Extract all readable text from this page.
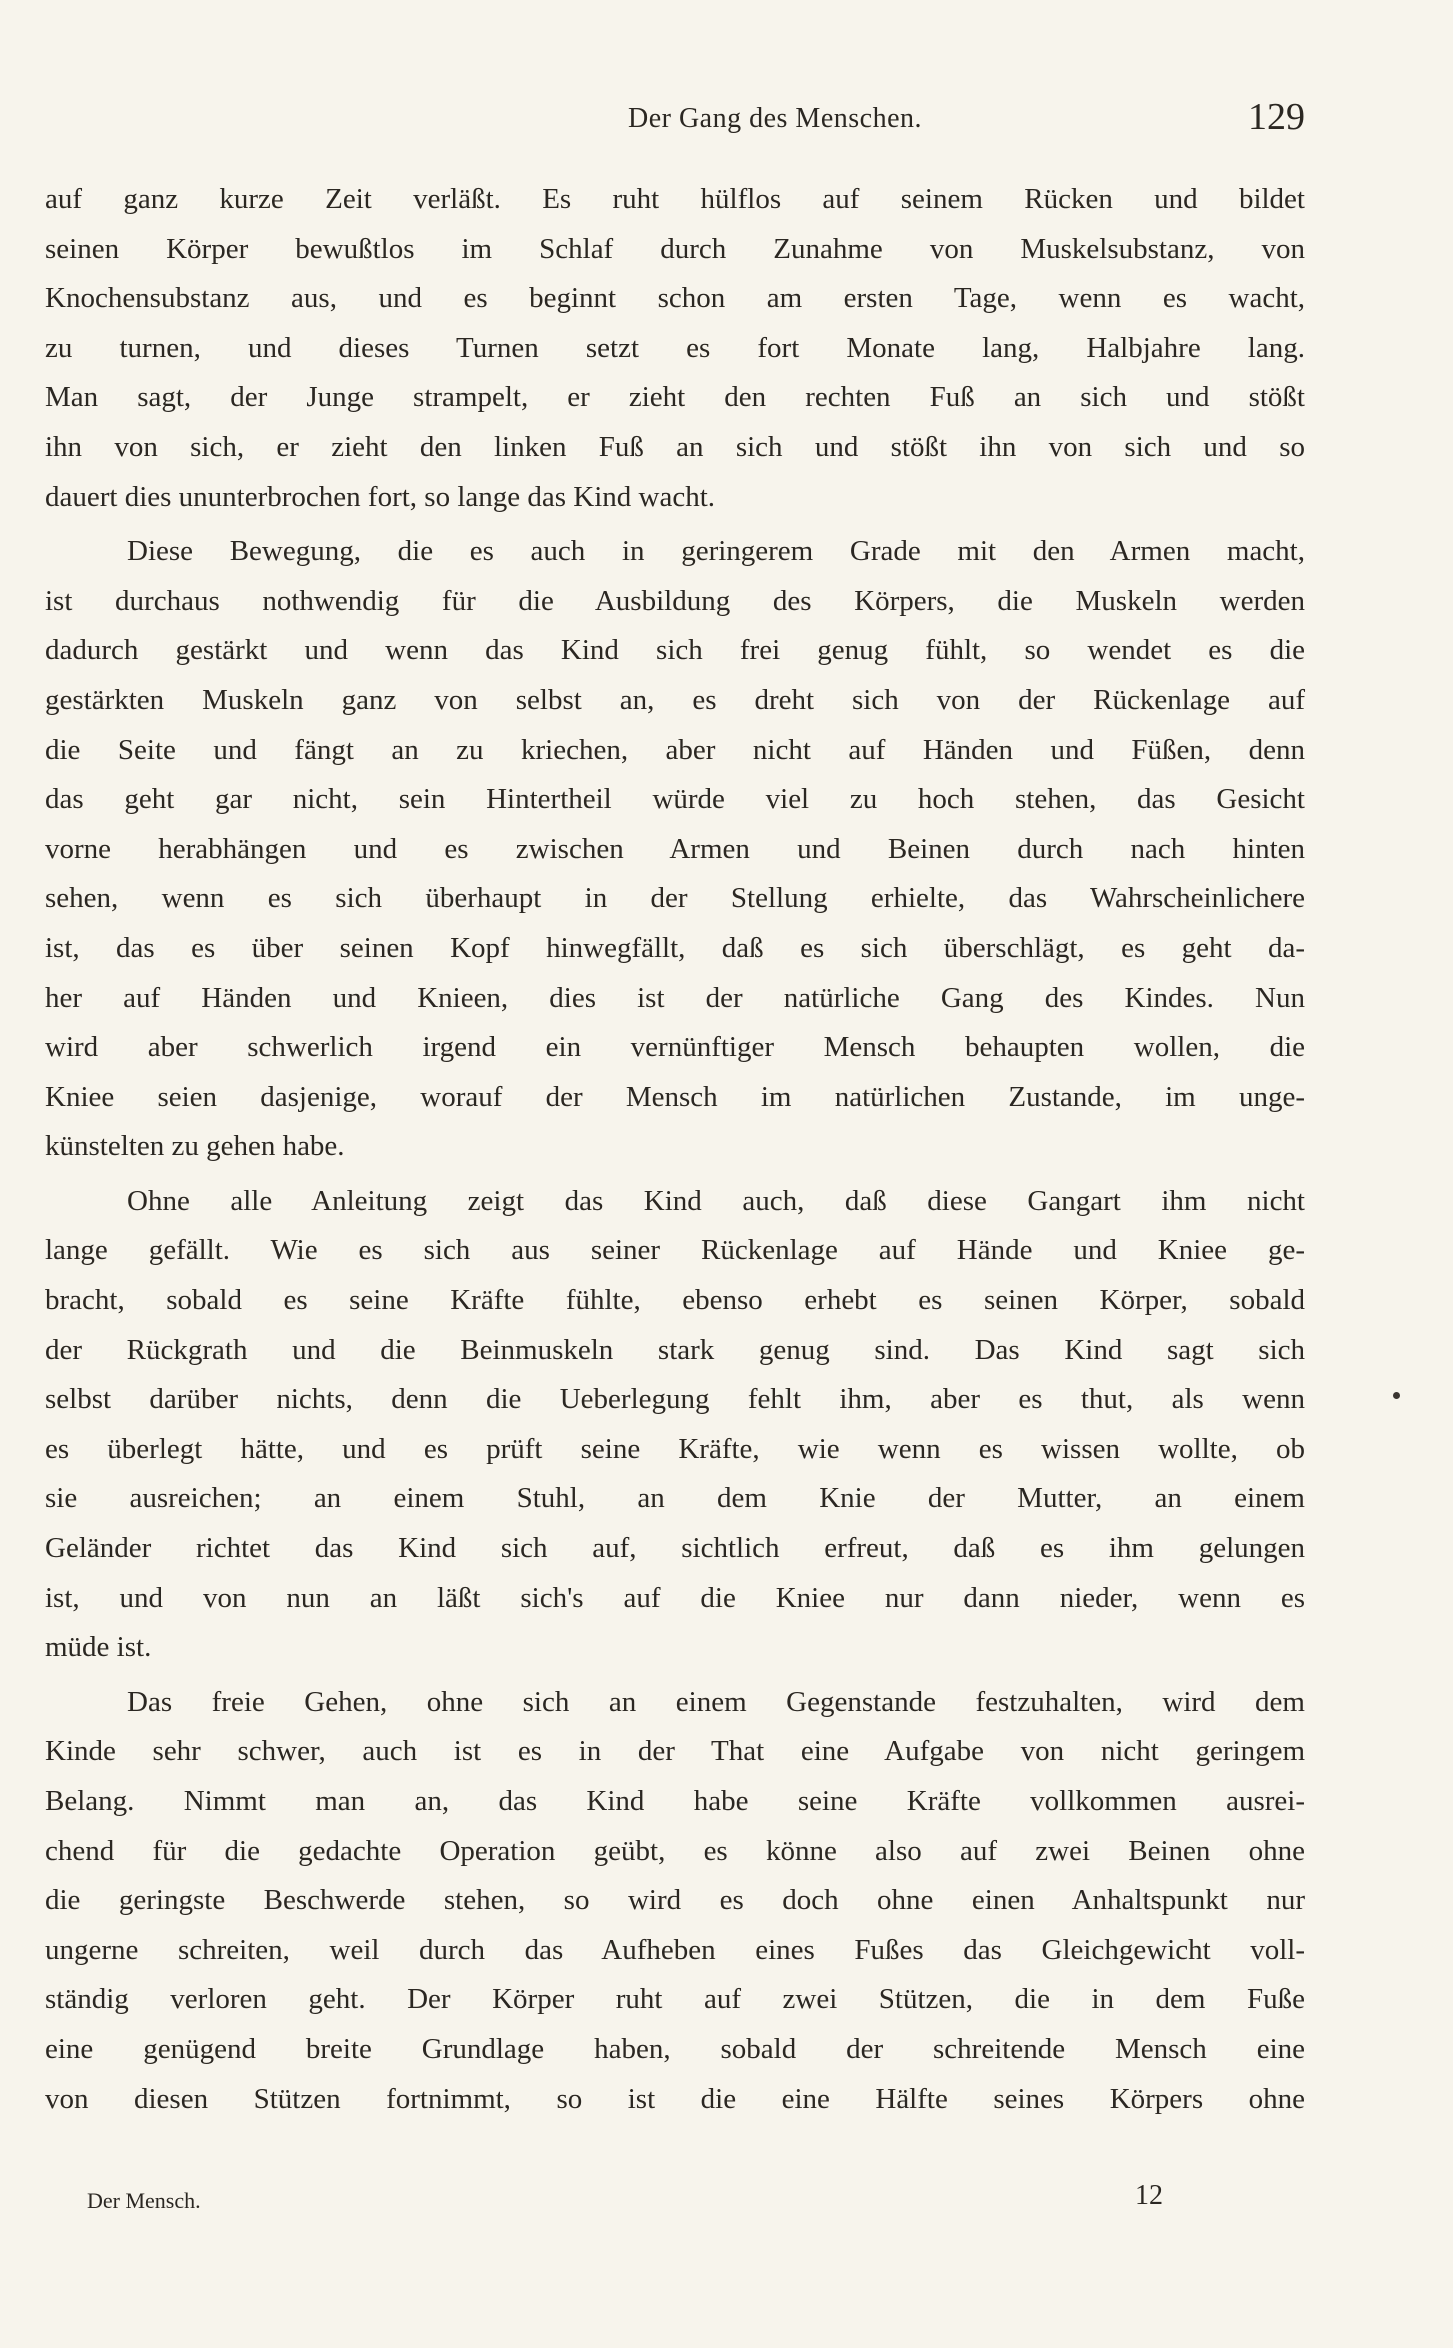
Der Gang des Menschen.	129
auf ganz kurze Zeit verläßt. Es ruht hülflos auf seinem Rücken und bildet
seinen Körper bewußtlos im Schlaf durch Zunahme von Muskelsubstanz, von
Knochensubstanz aus, und es beginnt schon am ersten Tage, wenn es wacht,
zu turnen, und dieses Turnen setzt es fort Monate lang, Halbjahre lang.
Man sagt, der Junge strampelt, er zieht den rechten Fuß an sich und stößt
ihn von sich, er zieht den linken Fuß an sich und stößt ihn von sich und so
dauert dies ununterbrochen fort, so lange das Kind wacht.
Diese Bewegung, die es auch in geringerem Grade mit den Armen macht,
ist durchaus nothwendig für die Ausbildung des Körpers, die Muskeln werden
dadurch gestärkt und wenn das Kind sich frei genug fühlt, so wendet es die
gestärkten Muskeln ganz von selbst an, es dreht sich von der Rückenlage auf
die Seite und fängt an zu kriechen, aber nicht auf Händen und Füßen, denn
das geht gar nicht, sein Hintertheil würde viel zu hoch stehen, das Gesicht
vorne herabhängen und es zwischen Armen und Beinen durch nach hinten
sehen, wenn es sich überhaupt in der Stellung erhielte, das Wahrscheinlichere
ist, das es über seinen Kopf hinwegfällt, daß es sich überschlägt, es geht da-
her auf Händen und Knieen, dies ist der natürliche Gang des Kindes. Nun
wird aber schwerlich irgend ein vernünftiger Mensch behaupten wollen, die
Kniee seien dasjenige, worauf der Mensch im natürlichen Zustande, im unge-
künstelten zu gehen habe.
Ohne alle Anleitung zeigt das Kind auch, daß diese Gangart ihm nicht
lange gefällt. Wie es sich aus seiner Rückenlage auf Hände und Kniee ge-
bracht, sobald es seine Kräfte fühlte, ebenso erhebt es seinen Körper, sobald
der Rückgrath und die Beinmuskeln stark genug sind. Das Kind sagt sich
selbst darüber nichts, denn die Ueberlegung fehlt ihm, aber es thut, als wenn
es überlegt hätte, und es prüft seine Kräfte, wie wenn es wissen wollte, ob
sie ausreichen; an einem Stuhl, an dem Knie der Mutter, an einem
Geländer richtet das Kind sich auf, sichtlich erfreut, daß es ihm gelungen
ist, und von nun an läßt sich's auf die Kniee nur dann nieder, wenn es
müde ist.
Das freie Gehen, ohne sich an einem Gegenstande festzuhalten, wird dem
Kinde sehr schwer, auch ist es in der That eine Aufgabe von nicht geringem
Belang. Nimmt man an, das Kind habe seine Kräfte vollkommen ausrei-
chend für die gedachte Operation geübt, es könne also auf zwei Beinen ohne
die geringste Beschwerde stehen, so wird es doch ohne einen Anhaltspunkt nur
ungerne schreiten, weil durch das Aufheben eines Fußes das Gleichgewicht voll-
ständig verloren geht. Der Körper ruht auf zwei Stützen, die in dem Fuße
eine genügend breite Grundlage haben, sobald der schreitende Mensch eine
von diesen Stützen fortnimmt, so ist die eine Hälfte seines Körpers ohne
Der Mensch.	12
